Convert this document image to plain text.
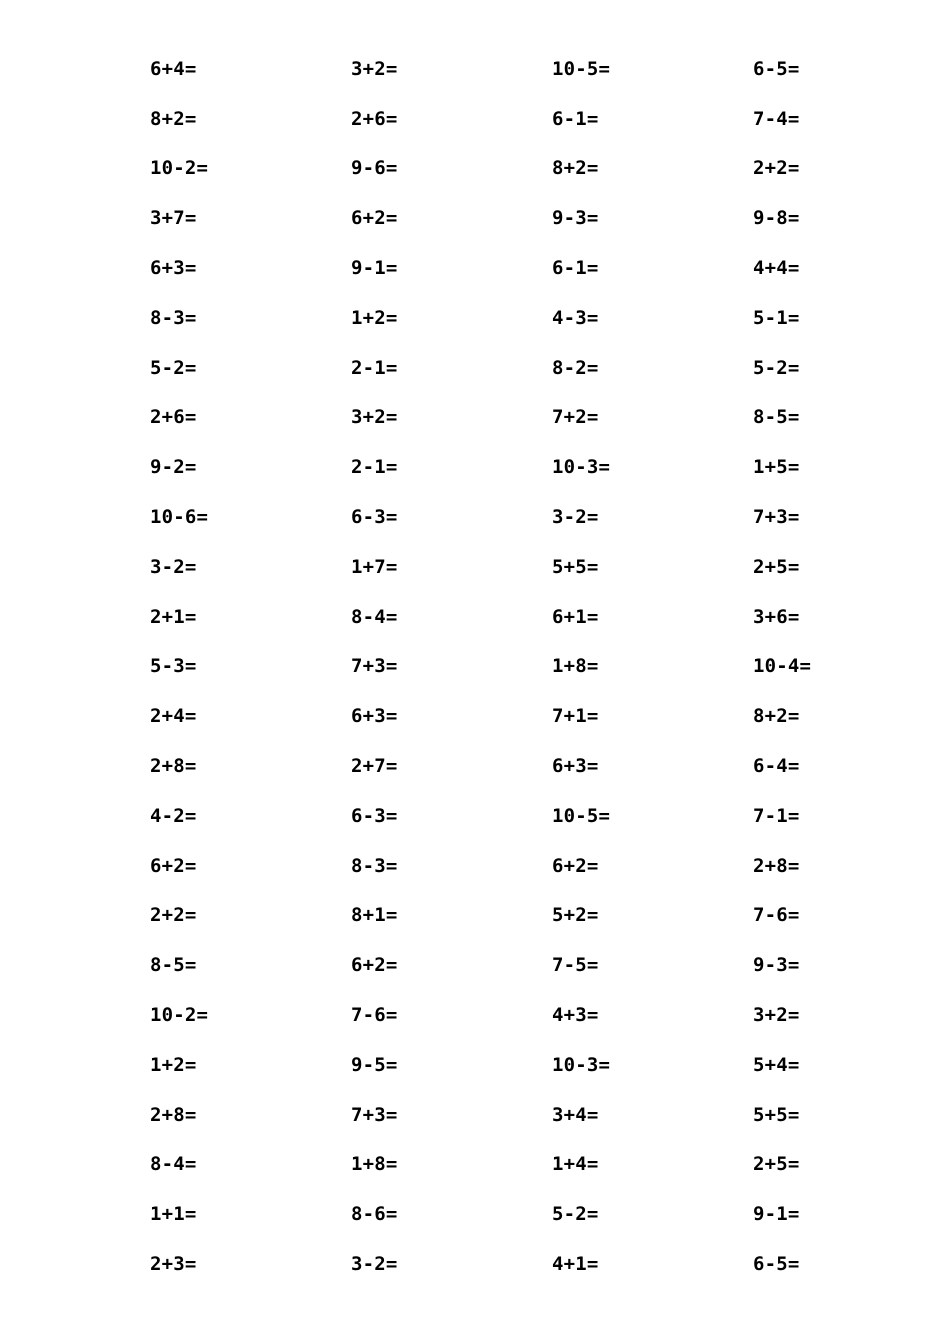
6+4=	3+2=	10-5=	6-5=
8+2=	2+6=	6-1=	7-4=
10-2=	9-6=	8+2=	2+2=
3+7=	6+2=	9-3=	9-8=
6+3=	9-1=	6-1=	4+4=
8-3=	1+2=	4-3=	5-1=
5-2=	2-1=	8-2=	5-2=
2+6=	3+2=	7+2=	8-5=
9-2=	2-1=	10-3=	1+5=
10-6=	6-3=	3-2=	7+3=
3-2=	1+7=	5+5=	2+5=
2+1=	8-4=	6+1=	3+6=
5-3=	7+3=	1+8=	10-4=
2+4=	6+3=	7+1=	8+2=
2+8=	2+7=	6+3=	6-4=
4-2=	6-3=	10-5=	7-1=
6+2=	8-3=	6+2=	2+8=
2+2=	8+1=	5+2=	7-6=
8-5=	6+2=	7-5=	9-3=
10-2=	7-6=	4+3=	3+2=
1+2=	9-5=	10-3=	5+4=
2+8=	7+3=	3+4=	5+5=
8-4=	1+8=	1+4=	2+5=
1+1=	8-6=	5-2=	9-1=
2+3=	3-2=	4+1=	6-5=
